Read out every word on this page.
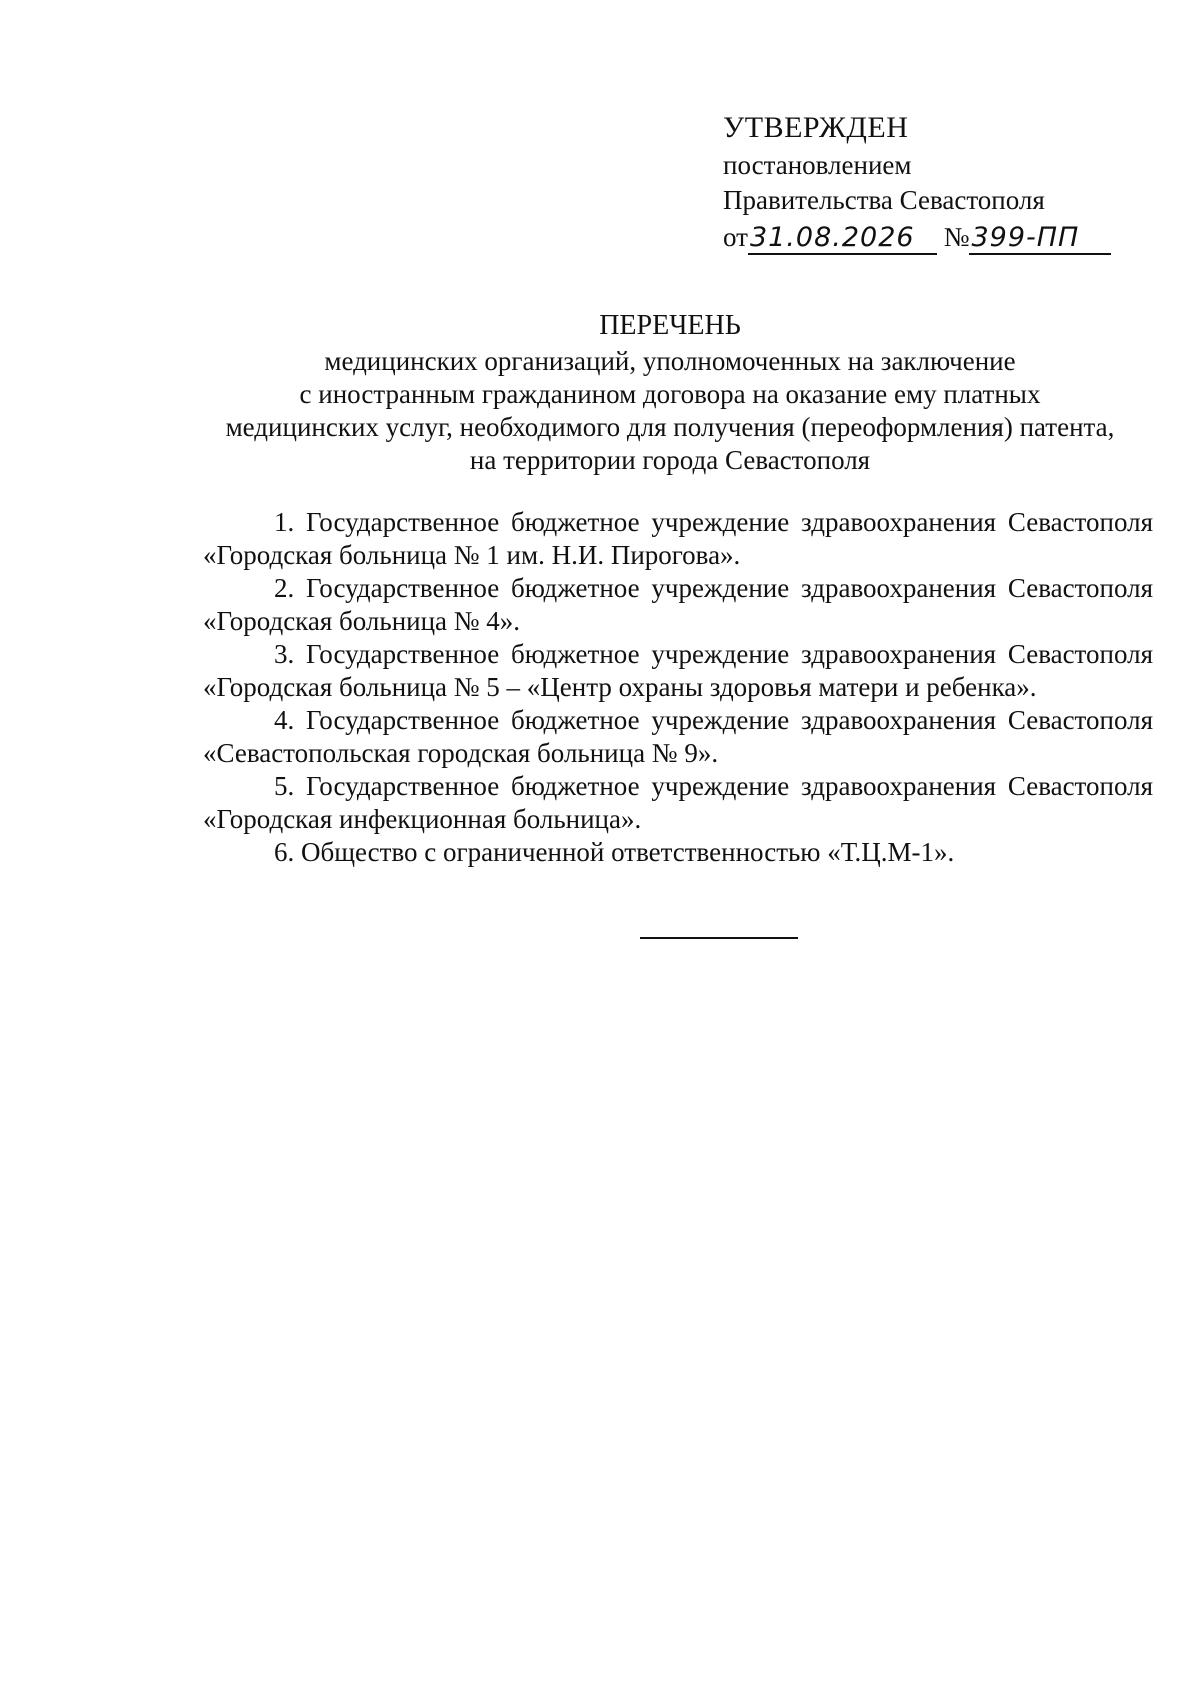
УТВЕРЖДЕН
постановлением
Правительства Севастополя
от31.08.2026 №399-ПП
ПЕРЕЧЕНЬ
медицинских организаций, уполномоченных на заключение
с иностранным гражданином договора на оказание ему платных
медицинских услуг, необходимого для получения (переоформления) патента,
на территории города Севастополя

1. Государственное бюджетное учреждение здравоохранения Севастополя «Городская больница № 1 им. Н.И. Пирогова».

2. Государственное бюджетное учреждение здравоохранения Севастополя «Городская больница № 4».

3. Государственное бюджетное учреждение здравоохранения Севастополя «Городская больница № 5 – «Центр охраны здоровья матери и ребенка».

4. Государственное бюджетное учреждение здравоохранения Севастополя «Севастопольская городская больница № 9».

5. Государственное бюджетное учреждение здравоохранения Севастополя «Городская инфекционная больница».

6. Общество с ограниченной ответственностью «Т.Ц.М-1».
